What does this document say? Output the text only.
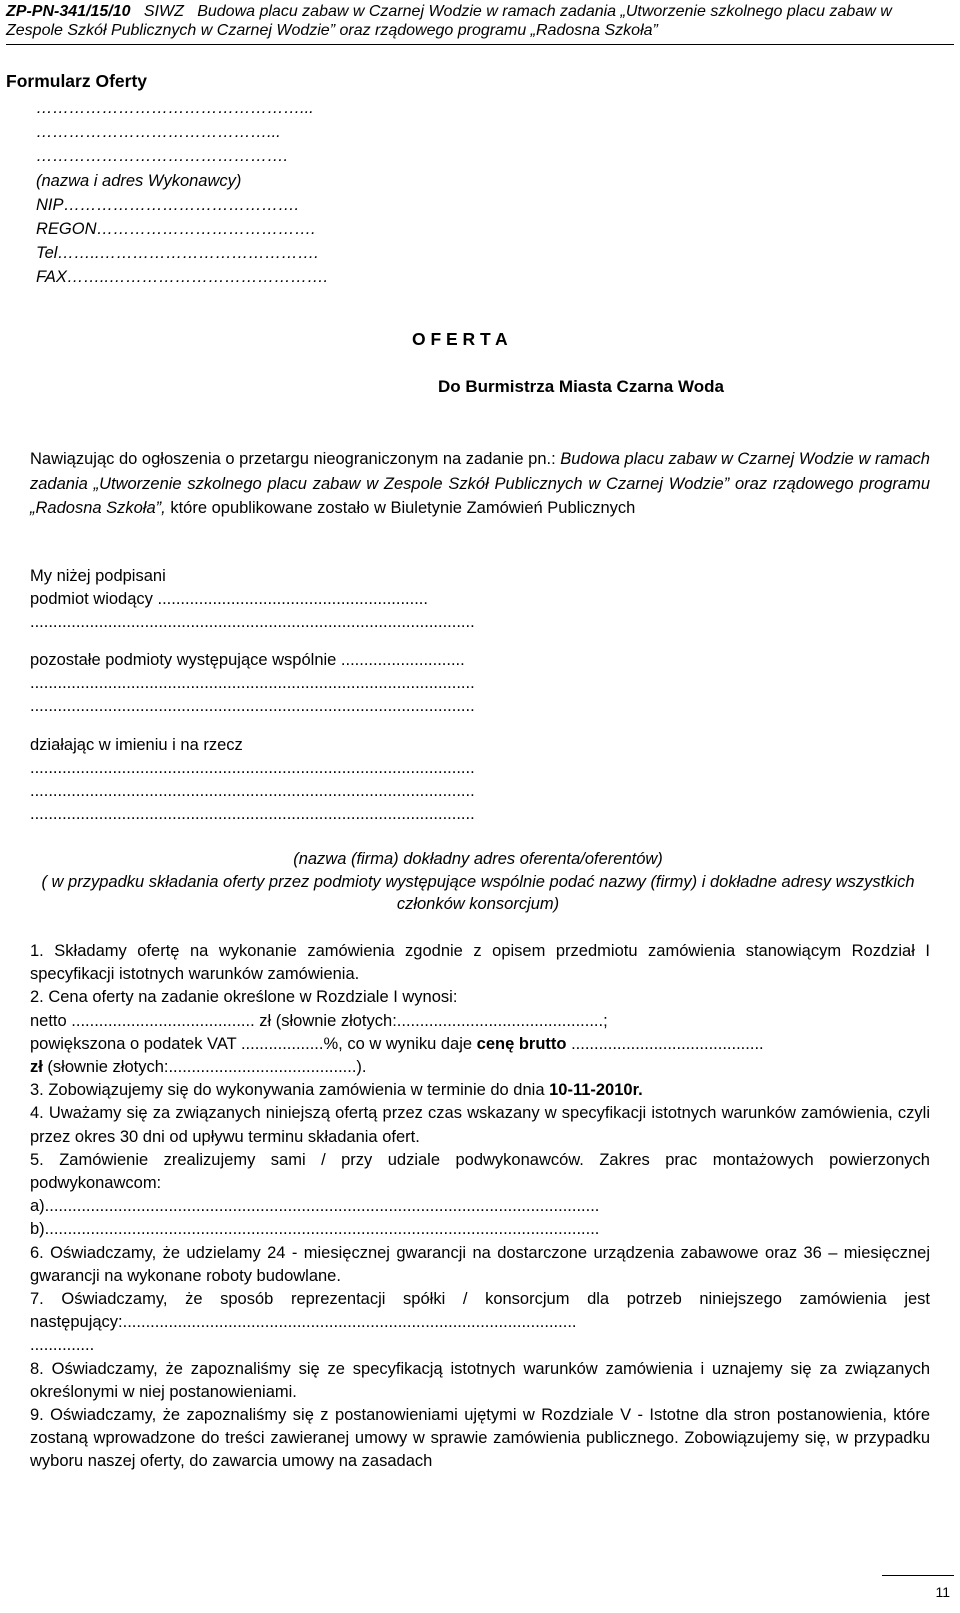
ZP-PN-341/15/10 SIWZ Budowa placu zabaw w Czarnej Wodzie w ramach zadania „Utworzenie szkolnego placu zabaw w
Zespole Szkół Publicznych w Czarnej Wodzie” oraz rządowego programu „Radosna Szkoła”
Formularz Oferty
…………………………………………...
……………………………………...
……………………………………….
(nazwa i adres Wykonawcy)
NIP…………………………………….
REGON………………………………….
Tel……..………………………………….
FAX……..………………………………….
O F E R T A
Do Burmistrza Miasta Czarna Woda
Nawiązując do ogłoszenia o przetargu nieograniczonym na zadanie pn.: Budowa placu zabaw w Czarnej Wodzie w ramach zadania „Utworzenie szkolnego placu zabaw w Zespole Szkół Publicznych w Czarnej Wodzie” oraz rządowego programu „Radosna Szkoła”, które opublikowane zostało w Biuletynie Zamówień Publicznych
My niżej podpisani
podmiot wiodący ...........................................................
.................................................................................................
pozostałe podmioty występujące wspólnie ...........................
.................................................................................................
.................................................................................................
działając w imieniu i na rzecz
.................................................................................................
.................................................................................................
.................................................................................................
(nazwa (firma) dokładny adres oferenta/oferentów)
( w przypadku składania oferty przez podmioty występujące wspólnie podać nazwy (firmy) i dokładne adresy wszystkich członków konsorcjum)

1. Składamy ofertę na wykonanie zamówienia zgodnie z opisem przedmiotu zamówienia stanowiącym Rozdział I specyfikacji istotnych warunków zamówienia.

2. Cena oferty na zadanie określone w Rozdziale I wynosi:

netto ........................................ zł (słownie złotych:.............................................;

powiększona o podatek VAT ..................%, co w wyniku daje cenę brutto ..........................................

zł (słownie złotych:.........................................).

3. Zobowiązujemy się do wykonywania zamówienia w terminie do dnia 10-11-2010r.

4. Uważamy się za związanych niniejszą ofertą przez czas wskazany w specyfikacji istotnych warunków zamówienia, czyli przez okres 30 dni od upływu terminu składania ofert.

5. Zamówienie zrealizujemy sami / przy udziale podwykonawców. Zakres prac montażowych powierzonych podwykonawcom:

a).........................................................................................................................

b).........................................................................................................................

6. Oświadczamy, że udzielamy 24 - miesięcznej gwarancji na dostarczone urządzenia zabawowe oraz 36 – miesięcznej gwarancji na wykonane roboty budowlane.

7. Oświadczamy, że sposób reprezentacji spółki / konsorcjum dla potrzeb niniejszego zamówienia jest następujący:...................................................................................................

..............

8. Oświadczamy, że zapoznaliśmy się ze specyfikacją istotnych warunków zamówienia i uznajemy się za związanych określonymi w niej postanowieniami.

9. Oświadczamy, że zapoznaliśmy się z postanowieniami ujętymi w Rozdziale V - Istotne dla stron postanowienia, które zostaną wprowadzone do treści zawieranej umowy w sprawie zamówienia publicznego. Zobowiązujemy się, w przypadku wyboru naszej oferty, do zawarcia umowy na zasadach

11
